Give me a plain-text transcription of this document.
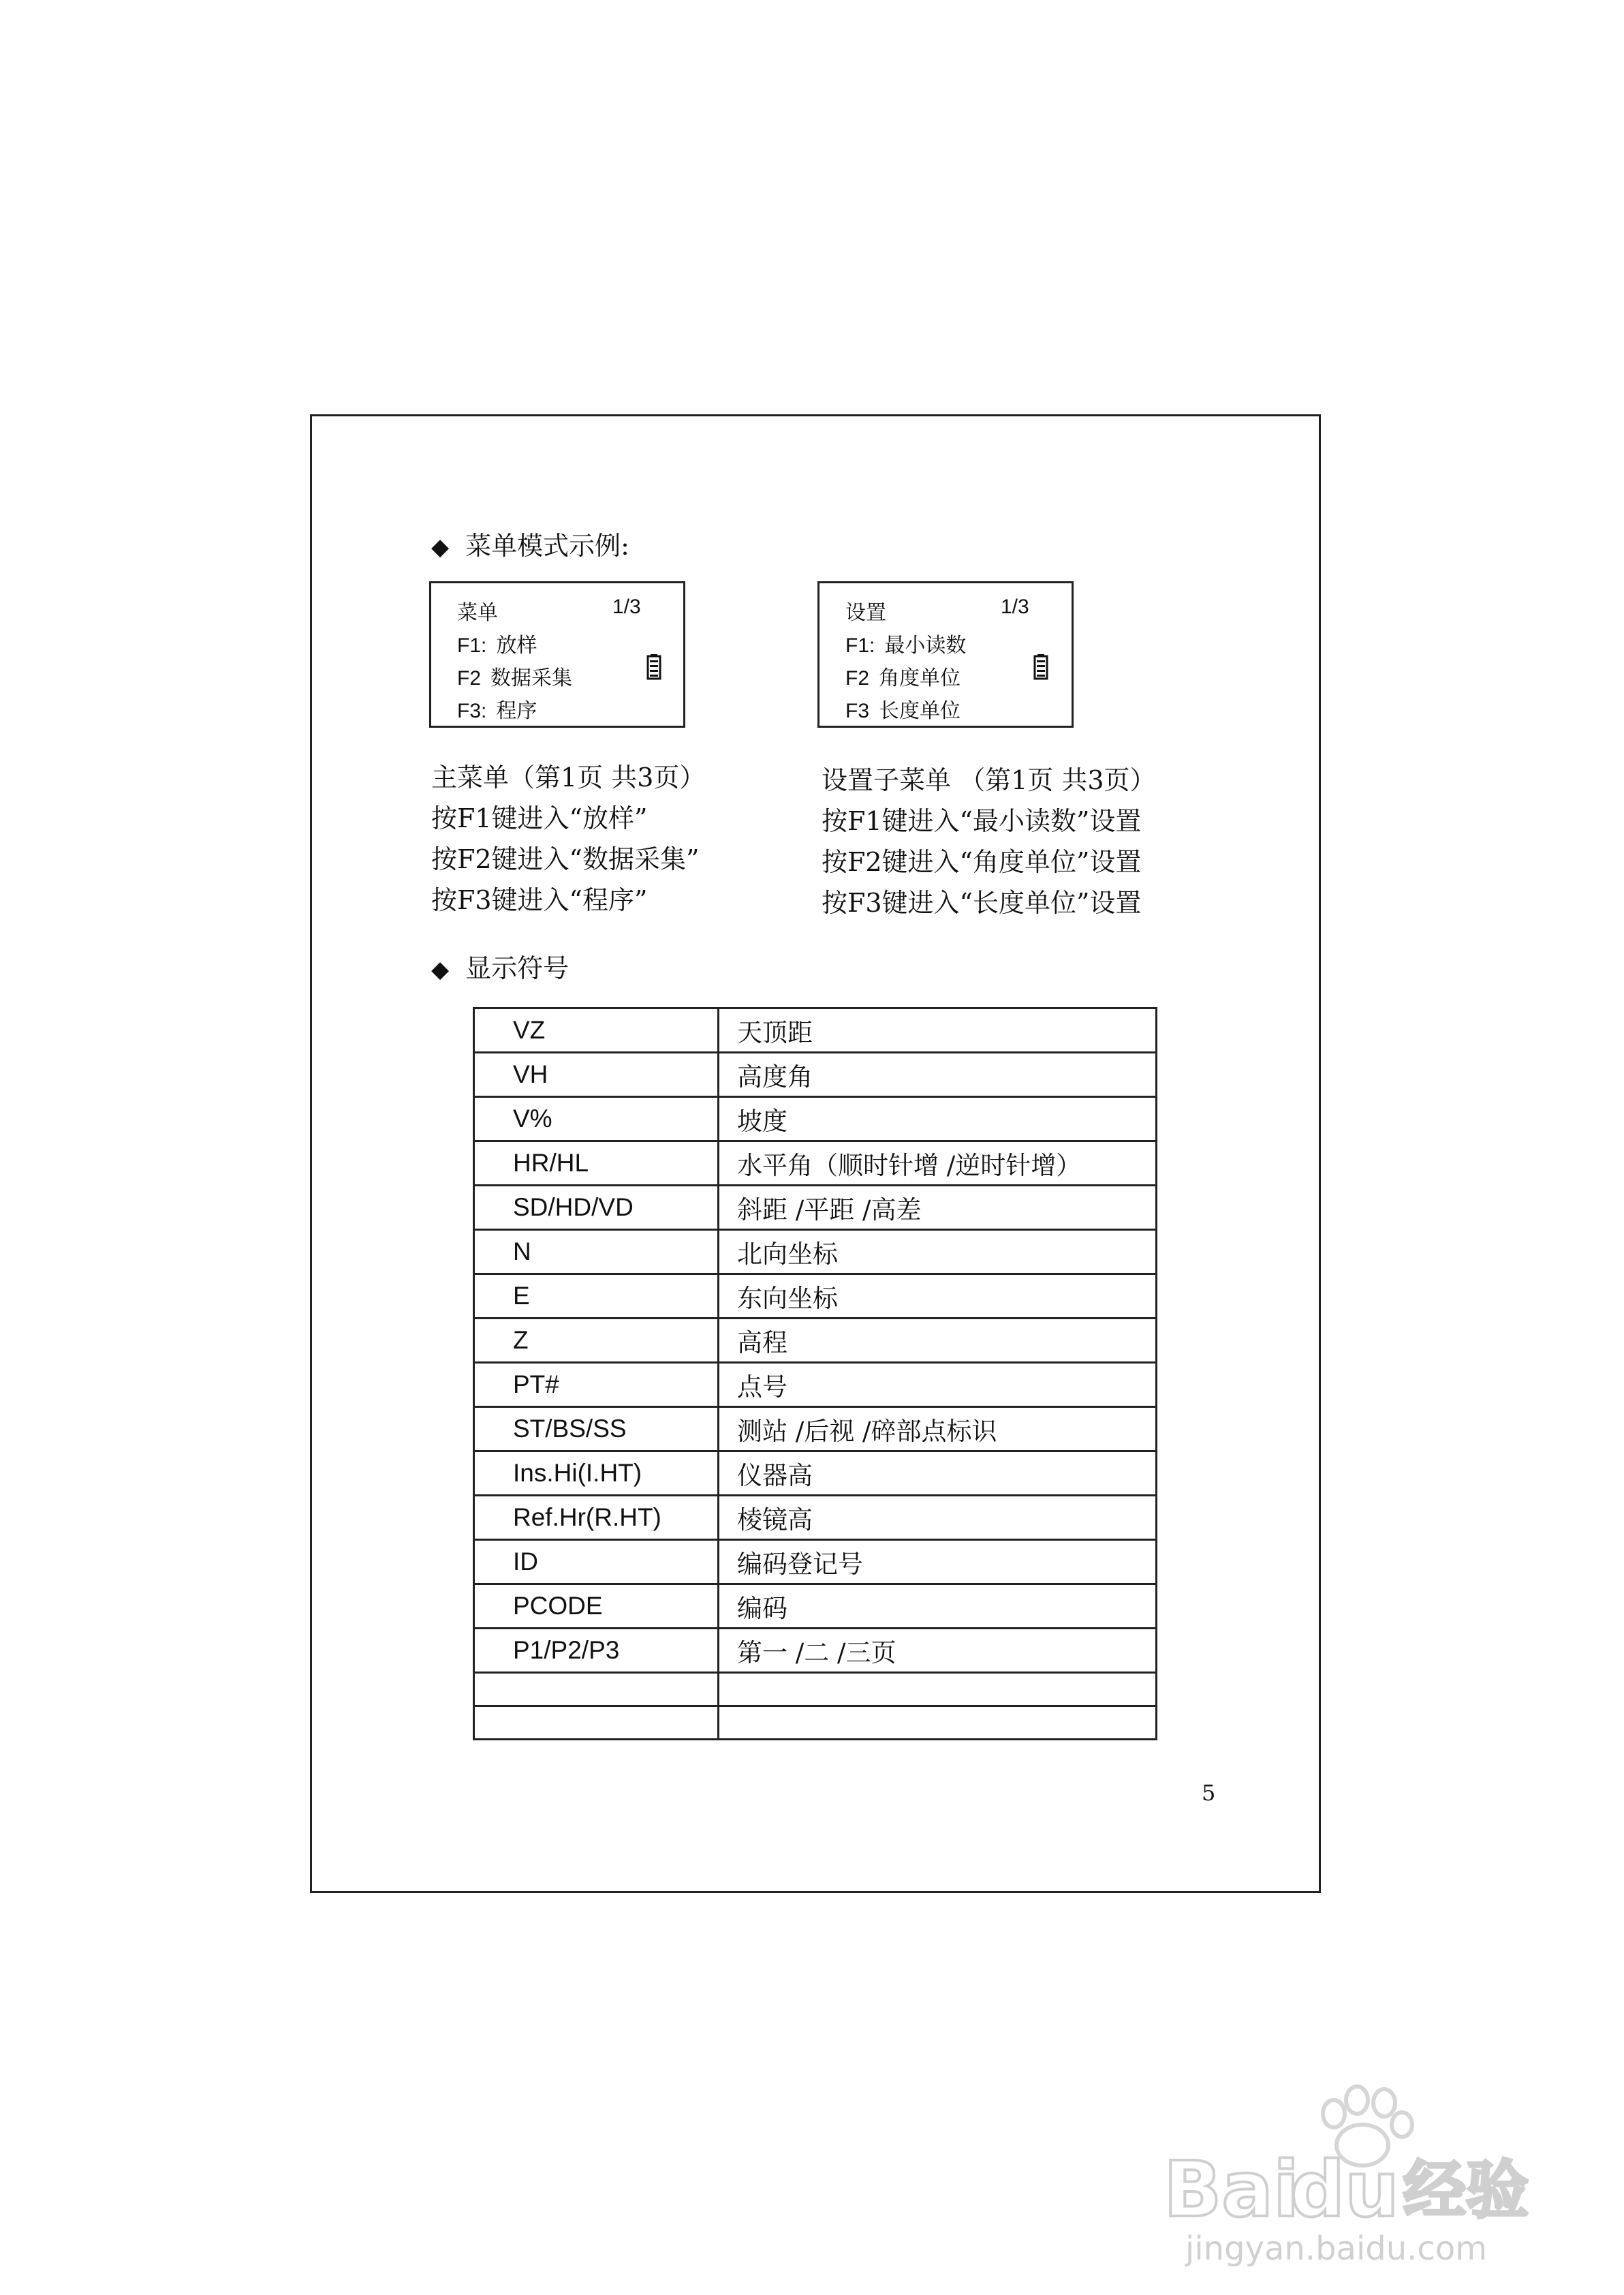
◆ 菜单模式示例:
菜单	1/3
F1: 放样
F2 数据采集
F3: 程序
设置	1/3
F1: 最小读数
F2 角度单位
F3 长度单位
主菜单（第1页 共3页）
按F1键进入“放样”
按F2键进入“数据采集”
按F3键进入“程序”
设置子菜单 （第1页 共3页）
按F1键进入“最小读数”设置
按F2键进入“角度单位”设置
按F3键进入“长度单位”设置
◆ 显示符号
VZ	天顶距
VH	高度角
V%	坡度
HR/HL	水平角（顺时针增 /逆时针增）
SD/HD/VD	斜距 /平距 /高差
N	北向坐标
E	东向坐标
Z	高程
PT#	点号
ST/BS/SS	测站 /后视 /碎部点标识
Ins.Hi(I.HT)	仪器高
Ref.Hr(R.HT)	棱镜高
ID	编码登记号
PCODE	编码
P1/P2/P3	第一 /二 /三页

5
Bai
du 经验
jingyan.baidu.com
